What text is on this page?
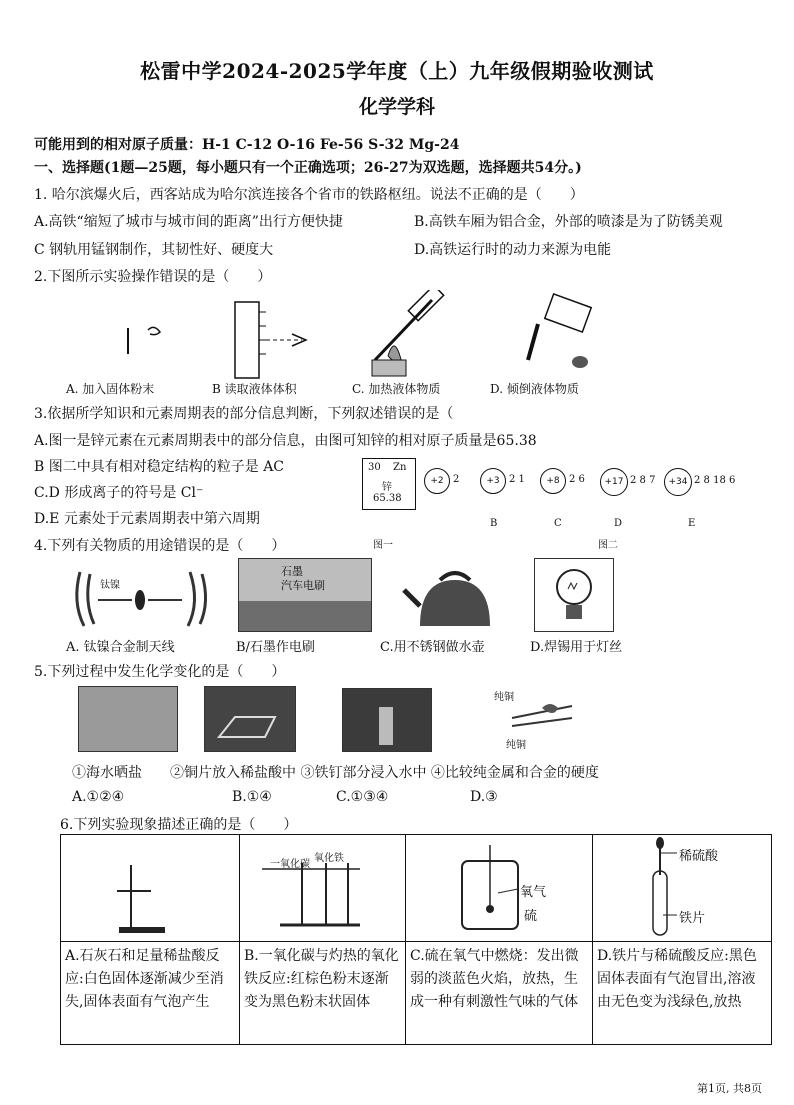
松雷中学2024-2025学年度（上）九年级假期验收测试
化学学科
可能用到的相对原子质量：H-1 C-12 O-16 Fe-56 S-32 Mg-24
一、选择题(1题—25题，每小题只有一个正确选项；26-27为双选题，选择题共54分。)
1. 哈尔滨爆火后，西客站成为哈尔滨连接各个省市的铁路枢纽。说法不正确的是（　　）
A.高铁“缩短了城市与城市间的距离”出行方便快捷	B.高铁车厢为铝合金，外部的喷漆是为了防锈美观
C 钢轨用锰钢制作，其韧性好、硬度大	D.高铁运行时的动力来源为电能
2.下图所示实验操作错误的是（　　）
A. 加入固体粉末	B 读取液体体积	C. 加热液体物质	D. 倾倒液体物质
3.依据所学知识和元素周期表的部分信息判断，下列叙述错误的是（
A.图一是锌元素在元素周期表中的部分信息，由图可知锌的相对原子质量是65.38
B 图二中具有相对稳定结构的粒子是 AC
C.D 形成离子的符号是 Cl⁻
D.E 元素处于元素周期表中第六周期
30 Zn
锌
65.38
图一	图二
+2 2	+3 2 1
B
+8 2 6
C
+17 2 8 7
D
+34 2 8 18 6
E
4.下列有关物质的用途错误的是（　　）
钛镍
石墨
汽车电刷
A. 钛镍合金制天线	B/石墨作电刷	C.用不锈钢做水壶	D.焊锡用于灯丝
5.下列过程中发生化学变化的是（　　）
纯铜
纯铜
①海水晒盐　　②铜片放入稀盐酸中 ③铁钉部分浸入水中 ④比较纯金属和合金的硬度
A.①②④	B.①④	C.①③④	D.③
6.下列实验现象描述正确的是（　　）

一氧化碳
氧化铁	氧气
硫	稀硫酸
铁片

A.石灰石和足量稀盐酸反应:白色固体逐渐减少至消失,固体表面有气泡产生	B.一氧化碳与灼热的氧化铁反应:红棕色粉末逐渐变为黑色粉末状固体	C.硫在氧气中燃烧：发出微弱的淡蓝色火焰，放热，生成一种有刺激性气味的气体	D.铁片与稀硫酸反应:黑色固体表面有气泡冒出,溶液由无色变为浅绿色,放热
第1页, 共8页
